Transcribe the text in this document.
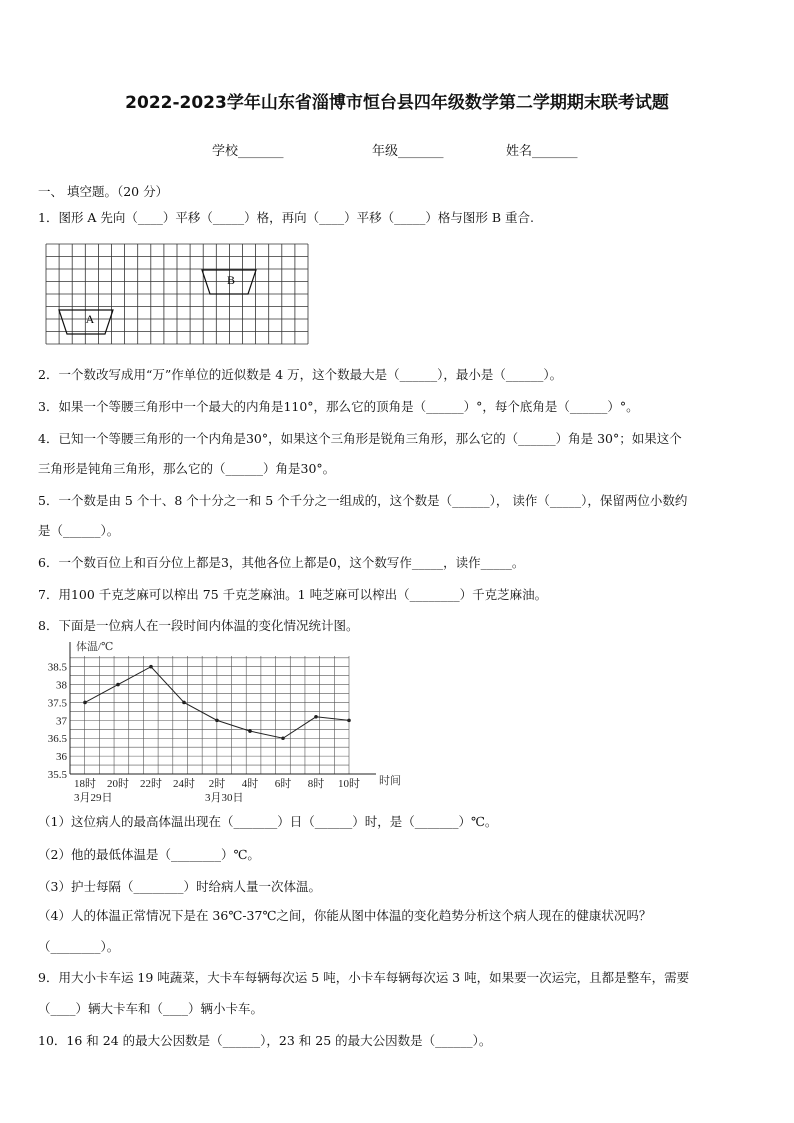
2022-2023学年山东省淄博市恒台县四年级数学第二学期期末联考试题
学校_______	年级_______	姓名_______
一、 填空题。（20 分）
1．图形 A 先向（____）平移（_____）格，再向（____）平移（_____）格与图形 B 重合.
B
A
2．一个数改写成用“万”作单位的近似数是 4 万，这个数最大是（______），最小是（______）。
3．如果一个等腰三角形中一个最大的内角是110°，那么它的顶角是（______）°，每个底角是（______）°。
4．已知一个等腰三角形的一个内角是30°，如果这个三角形是锐角三角形，那么它的（______）角是 30°；如果这个
三角形是钝角三角形，那么它的（______）角是30°。
5．一个数是由 5 个十、8 个十分之一和 5 个千分之一组成的，这个数是（______）， 读作（_____），保留两位小数约
是（______）。
6．一个数百位上和百分位上都是3，其他各位上都是0，这个数写作_____，读作_____。
7．用100 千克芝麻可以榨出 75 千克芝麻油。1 吨芝麻可以榨出（________）千克芝麻油。
8．下面是一位病人在一段时间内体温的变化情况统计图。
体温/℃
35.5
36
36.5
37
37.5
38
38.5
18时 20时 22时 24时 2时 4时 6时 8时 10时 时间
3月29日	3月30日
（1）这位病人的最高体温出现在（_______）日（______）时，是（_______）℃。
（2）他的最低体温是（________）℃。
（3）护士每隔（________）时给病人量一次体温。
（4）人的体温正常情况下是在 36℃-37℃之间，你能从图中体温的变化趋势分析这个病人现在的健康状况吗？
（________）。
9．用大小卡车运 19 吨蔬菜，大卡车每辆每次运 5 吨，小卡车每辆每次运 3 吨，如果要一次运完，且都是整车，需要
（____）辆大卡车和（____）辆小卡车。
10．16 和 24 的最大公因数是（______），23 和 25 的最大公因数是（______）。
